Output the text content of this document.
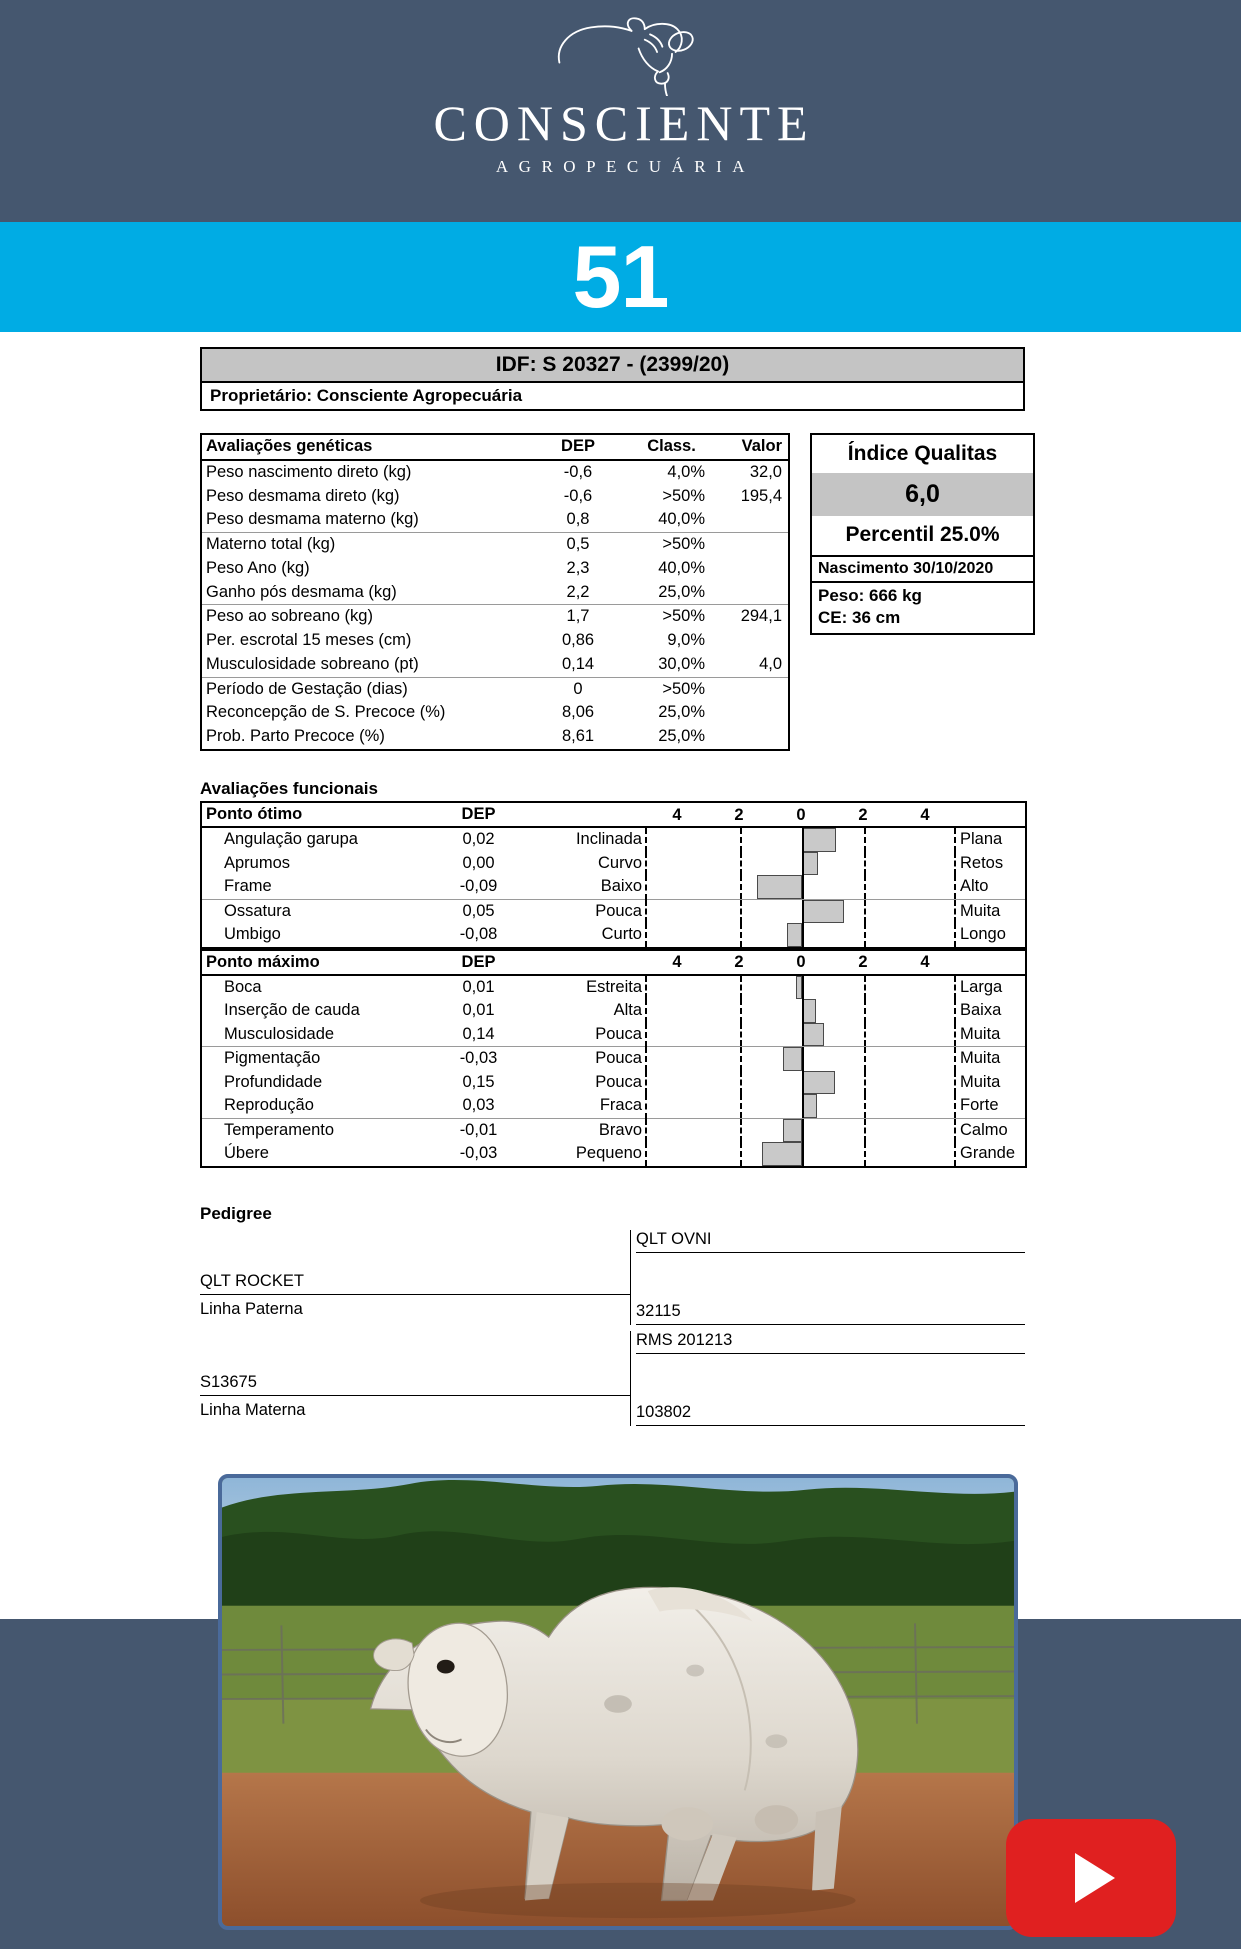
CONSCIENTE
AGROPECUÁRIA
51
IDF: S 20327 - (2399/20)
Proprietário: Consciente Agropecuária
Avaliações genéticas	DEP	Class.	Valor
Peso nascimento direto (kg)	-0,6	4,0%	32,0
Peso desmama direto (kg)	-0,6	>50%	195,4
Peso desmama materno (kg)	0,8	40,0%	
Materno total (kg)	0,5	>50%	
Peso Ano (kg)	2,3	40,0%	
Ganho pós desmama (kg)	2,2	25,0%	
Peso ao sobreano (kg)	1,7	>50%	294,1
Per. escrotal 15 meses (cm)	0,86	9,0%	
Musculosidade sobreano (pt)	0,14	30,0%	4,0
Período de Gestação (dias)	0	>50%	
Reconcepção de S. Precoce (%)	8,06	25,0%	
Prob. Parto Precoce (%)	8,61	25,0%	
Índice Qualitas
6,0
Percentil 25.0%
Nascimento 30/10/2020
Peso: 666 kg
CE: 36 cm
Avaliações funcionais
Ponto ótimo	DEP		4 2 0 2 4	

Angulação garupa	0,02	Inclinada		Plana
Aprumos	0,00	Curvo		Retos
Frame	-0,09	Baixo		Alto
Ossatura	0,05	Pouca		Muita
Umbigo	-0,08	Curto		Longo
Ponto máximo	DEP		4 2 0 2 4	

Boca	0,01	Estreita		Larga
Inserção de cauda	0,01	Alta		Baixa
Musculosidade	0,14	Pouca		Muita
Pigmentação	-0,03	Pouca		Muita
Profundidade	0,15	Pouca		Muita
Reprodução	0,03	Fraca		Forte
Temperamento	-0,01	Bravo		Calmo
Úbere	-0,03	Pequeno		Grande
Pedigree
QLT ROCKET
Linha Paterna
QLT OVNI
32115
S13675
Linha Materna
RMS 201213
103802
